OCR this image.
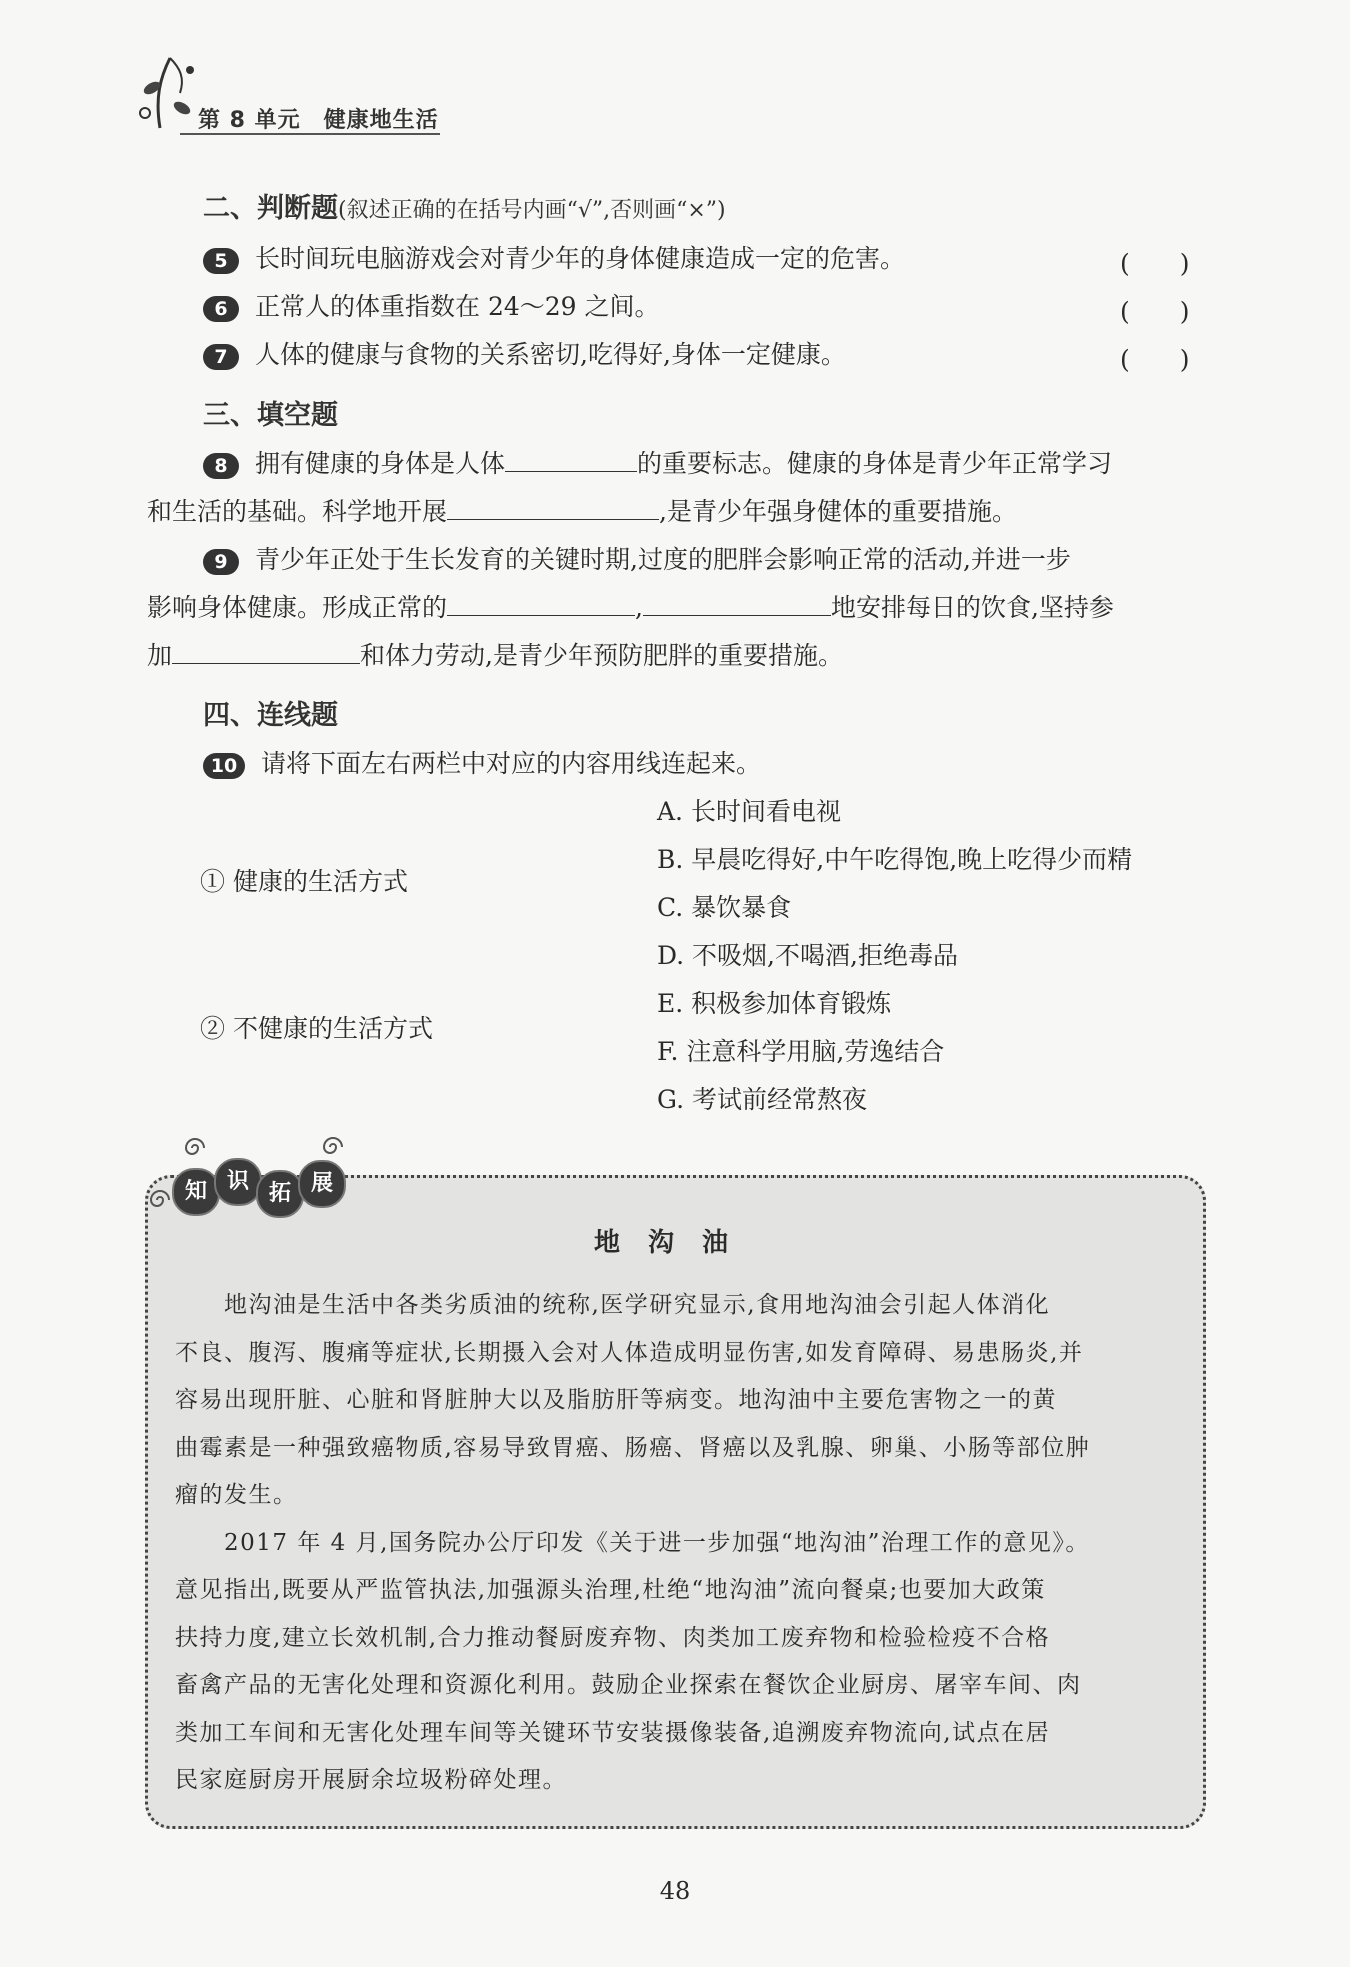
第 8 单元　 健康地生活
二、判断题(叙述正确的在括号内画“√”,否则画“×”)
5 长时间玩电脑游戏会对青少年的身体健康造成一定的危害。	(　　)
6 正常人的体重指数在 24～29 之间。	(　　)
7 人体的健康与食物的关系密切,吃得好,身体一定健康。	(　　)
三、填空题
8 拥有健康的身体是人体	的重要标志。健康的身体是青少年正常学习
和生活的基础。科学地开展	,是青少年强身健体的重要措施。
9 青少年正处于生长发育的关键时期,过度的肥胖会影响正常的活动,并进一步
影响身体健康。形成正常的	,	地安排每日的饮食,坚持参
加	和体力劳动,是青少年预防肥胖的重要措施。
四、连线题
10 请将下面左右两栏中对应的内容用线连起来。
① 健康的生活方式
② 不健康的生活方式
A. 长时间看电视
B. 早晨吃得好,中午吃得饱,晚上吃得少而精
C. 暴饮暴食
D. 不吸烟,不喝酒,拒绝毒品
E. 积极参加体育锻炼
F. 注意科学用脑,劳逸结合
G. 考试前经常熬夜
知 识 拓 展
地沟油
　　地沟油是生活中各类劣质油的统称,医学研究显示,食用地沟油会引起人体消化
不良、腹泻、腹痛等症状,长期摄入会对人体造成明显伤害,如发育障碍、易患肠炎,并
容易出现肝脏、心脏和肾脏肿大以及脂肪肝等病变。地沟油中主要危害物之一的黄
曲霉素是一种强致癌物质,容易导致胃癌、肠癌、肾癌以及乳腺、卵巢、小肠等部位肿
瘤的发生。
　　2017 年 4 月,国务院办公厅印发《关于进一步加强“地沟油”治理工作的意见》。
意见指出,既要从严监管执法,加强源头治理,杜绝“地沟油”流向餐桌;也要加大政策
扶持力度,建立长效机制,合力推动餐厨废弃物、肉类加工废弃物和检验检疫不合格
畜禽产品的无害化处理和资源化利用。鼓励企业探索在餐饮企业厨房、屠宰车间、肉
类加工车间和无害化处理车间等关键环节安装摄像装备,追溯废弃物流向,试点在居
民家庭厨房开展厨余垃圾粉碎处理。
48
